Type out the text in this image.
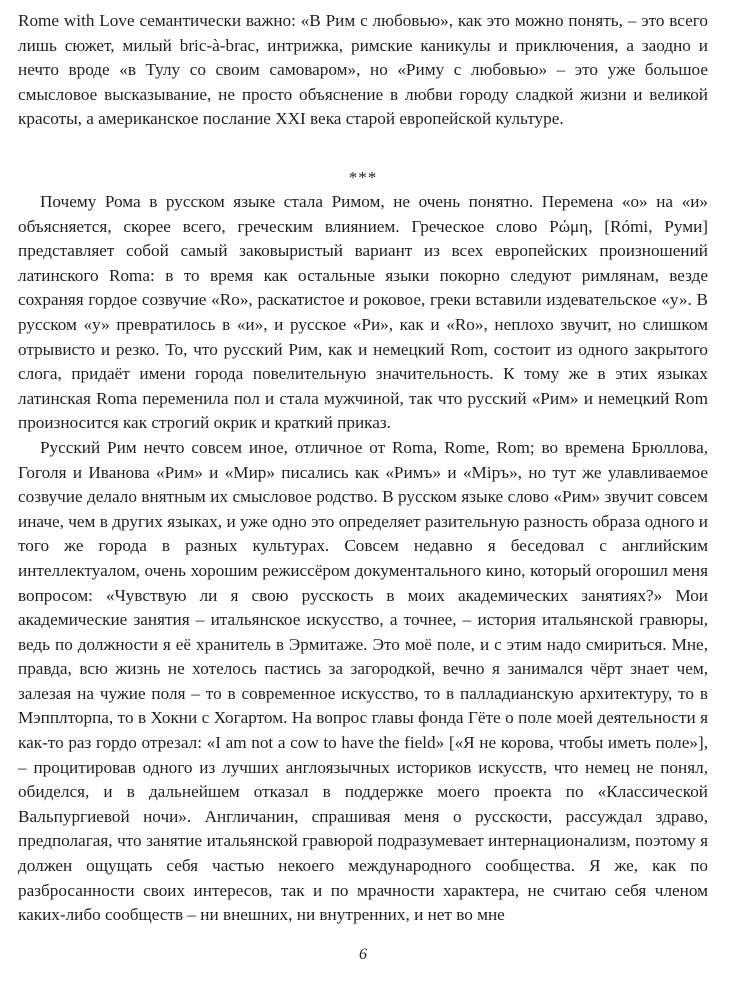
Rome with Love семантически важно: «В Рим с любовью», как это можно понять, – это всего лишь сюжет, милый bric-à-brac, интрижка, римские каникулы и приключения, а заодно и нечто вроде «в Тулу со своим самоваром», но «Риму с любовью» – это уже большое смысловое высказывание, не просто объяснение в любви городу сладкой жизни и великой красоты, а американское послание XXI века старой европейской культуре.

***

Почему Рома в русском языке стала Римом, не очень понятно. Перемена «о» на «и» объясняется, скорее всего, греческим влиянием. Греческое слово Ρώμη, [Rómi, Руми] представляет собой самый заковыристый вариант из всех европейских произношений латинского Roma: в то время как остальные языки покорно следуют римлянам, везде сохраняя гордое созвучие «Ro», раскатистое и роковое, греки вставили издевательское «у». В русском «у» превратилось в «и», и русское «Ри», как и «Ro», неплохо звучит, но слишком отрывисто и резко. То, что русский Рим, как и немецкий Rom, состоит из одного закрытого слога, придаёт имени города повелительную значительность. К тому же в этих языках латинская Roma переменила пол и стала мужчиной, так что русский «Рим» и немецкий Rom произносится как строгий окрик и краткий приказ.

Русский Рим нечто совсем иное, отличное от Roma, Rome, Rom; во времена Брюллова, Гоголя и Иванова «Рим» и «Мир» писались как «Римъ» и «Міръ», но тут же улавливаемое созвучие делало внятным их смысловое родство. В русском языке слово «Рим» звучит совсем иначе, чем в других языках, и уже одно это определяет разительную разность образа одного и того же города в разных культурах. Совсем недавно я беседовал с английским интеллектуалом, очень хорошим режиссёром документального кино, который огорошил меня вопросом: «Чувствую ли я свою русскость в моих академических занятиях?» Мои академические занятия – итальянское искусство, а точнее, – история итальянской гравюры, ведь по должности я её хранитель в Эрмитаже. Это моё поле, и с этим надо смириться. Мне, правда, всю жизнь не хотелось пастись за загородкой, вечно я занимался чёрт знает чем, залезая на чужие поля – то в современное искусство, то в палладианскую архитектуру, то в Мэпплторпа, то в Хокни с Хогартом. На вопрос главы фонда Гёте о поле моей деятельности я как-то раз гордо отрезал: «I am not a cow to have the field» [«Я не корова, чтобы иметь поле»], – процитировав одного из лучших англоязычных историков искусств, что немец не понял, обиделся, и в дальнейшем отказал в поддержке моего проекта по «Классической Вальпургиевой ночи». Англичанин, спрашивая меня о русскости, рассуждал здраво, предполагая, что занятие итальянской гравюрой подразумевает интернационализм, поэтому я должен ощущать себя частью некоего международного сообщества. Я же, как по разбросанности своих интересов, так и по мрачности характера, не считаю себя членом каких-либо сообществ – ни внешних, ни внутренних, и нет во мне

6
